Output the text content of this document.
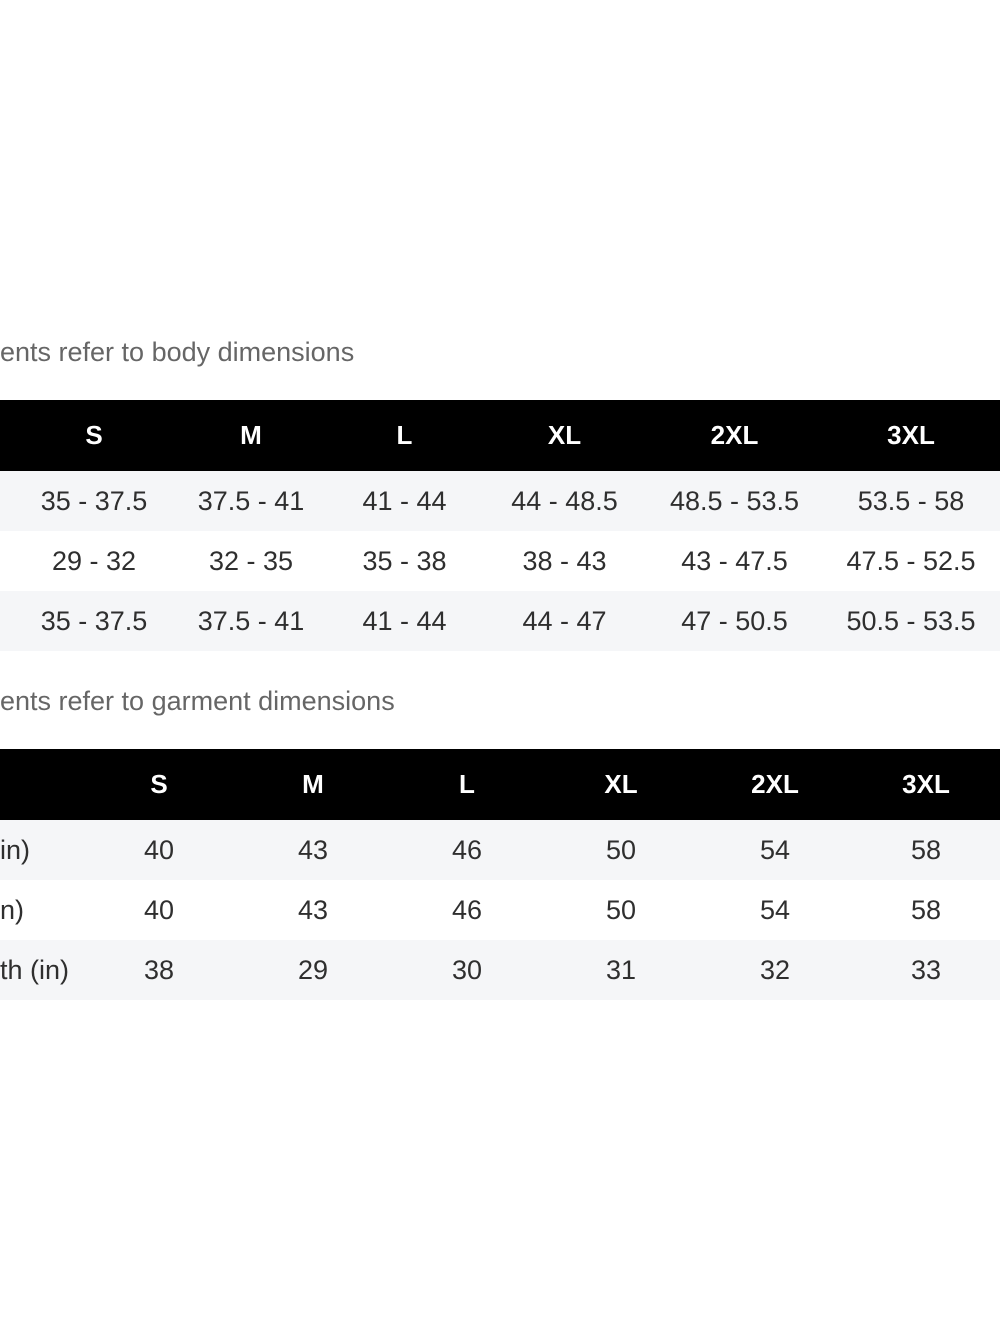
ents refer to body dimensions
	S	M	L	XL	2XL	3XL
	35 - 37.5	37.5 - 41	41 - 44	44 - 48.5	48.5 - 53.5	53.5 - 58
	29 - 32	32 - 35	35 - 38	38 - 43	43 - 47.5	47.5 - 52.5
	35 - 37.5	37.5 - 41	41 - 44	44 - 47	47 - 50.5	50.5 - 53.5
ents refer to garment dimensions
	S	M	L	XL	2XL	3XL
in)	40	43	46	50	54	58
n)	40	43	46	50	54	58
th (in)	38	29	30	31	32	33
